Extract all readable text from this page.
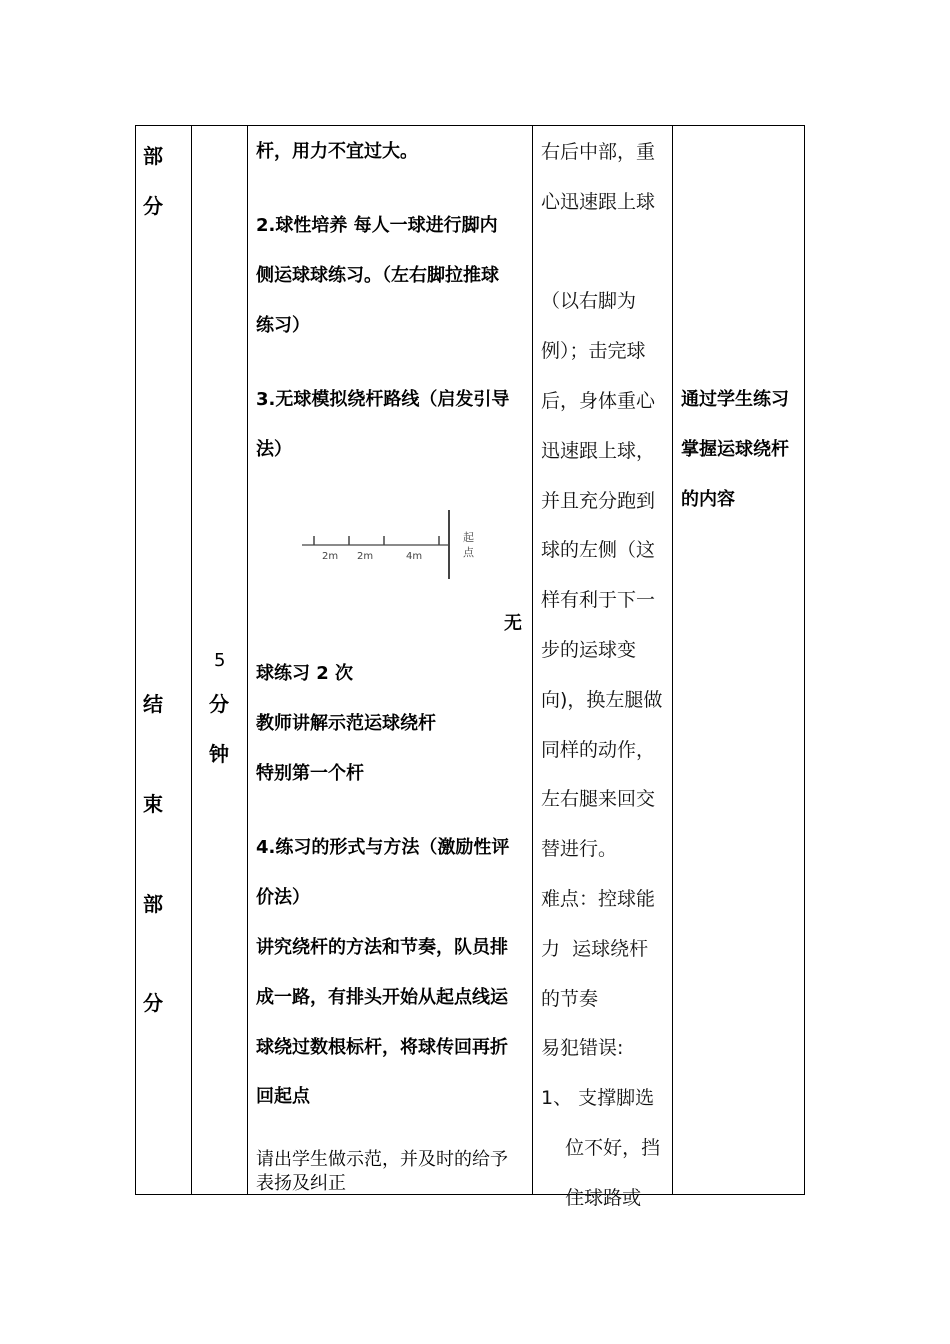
部
分
结
束
部
分
5
分
钟
杆，用力不宜过大。
2.球性培养 每人一球进行脚内
侧运球球练习。（左右脚拉推球
练习）
3.无球模拟绕杆路线（启发引导
法）
2m 2m	4m
起
点
无
球练习 2 次
教师讲解示范运球绕杆
特别第一个杆
4.练习的形式与方法（激励性评
价法）
讲究绕杆的方法和节奏，队员排
成一路，有排头开始从起点线运
球绕过数根标杆，将球传回再折
回起点
请出学生做示范，并及时的给予
表扬及纠正
右后中部，重
心迅速跟上球
（以右脚为
例）；击完球
后，身体重心
迅速跟上球，
并且充分跑到
球的左侧（这
样有利于下一
步的运球变
向)，换左腿做
同样的动作，
左右腿来回交
替进行。
难点：控球能
力  运球绕杆
的节奏
易犯错误:
1、 支撑脚选
位不好，挡
住球路或
通过学生练习
掌握运球绕杆
的内容
